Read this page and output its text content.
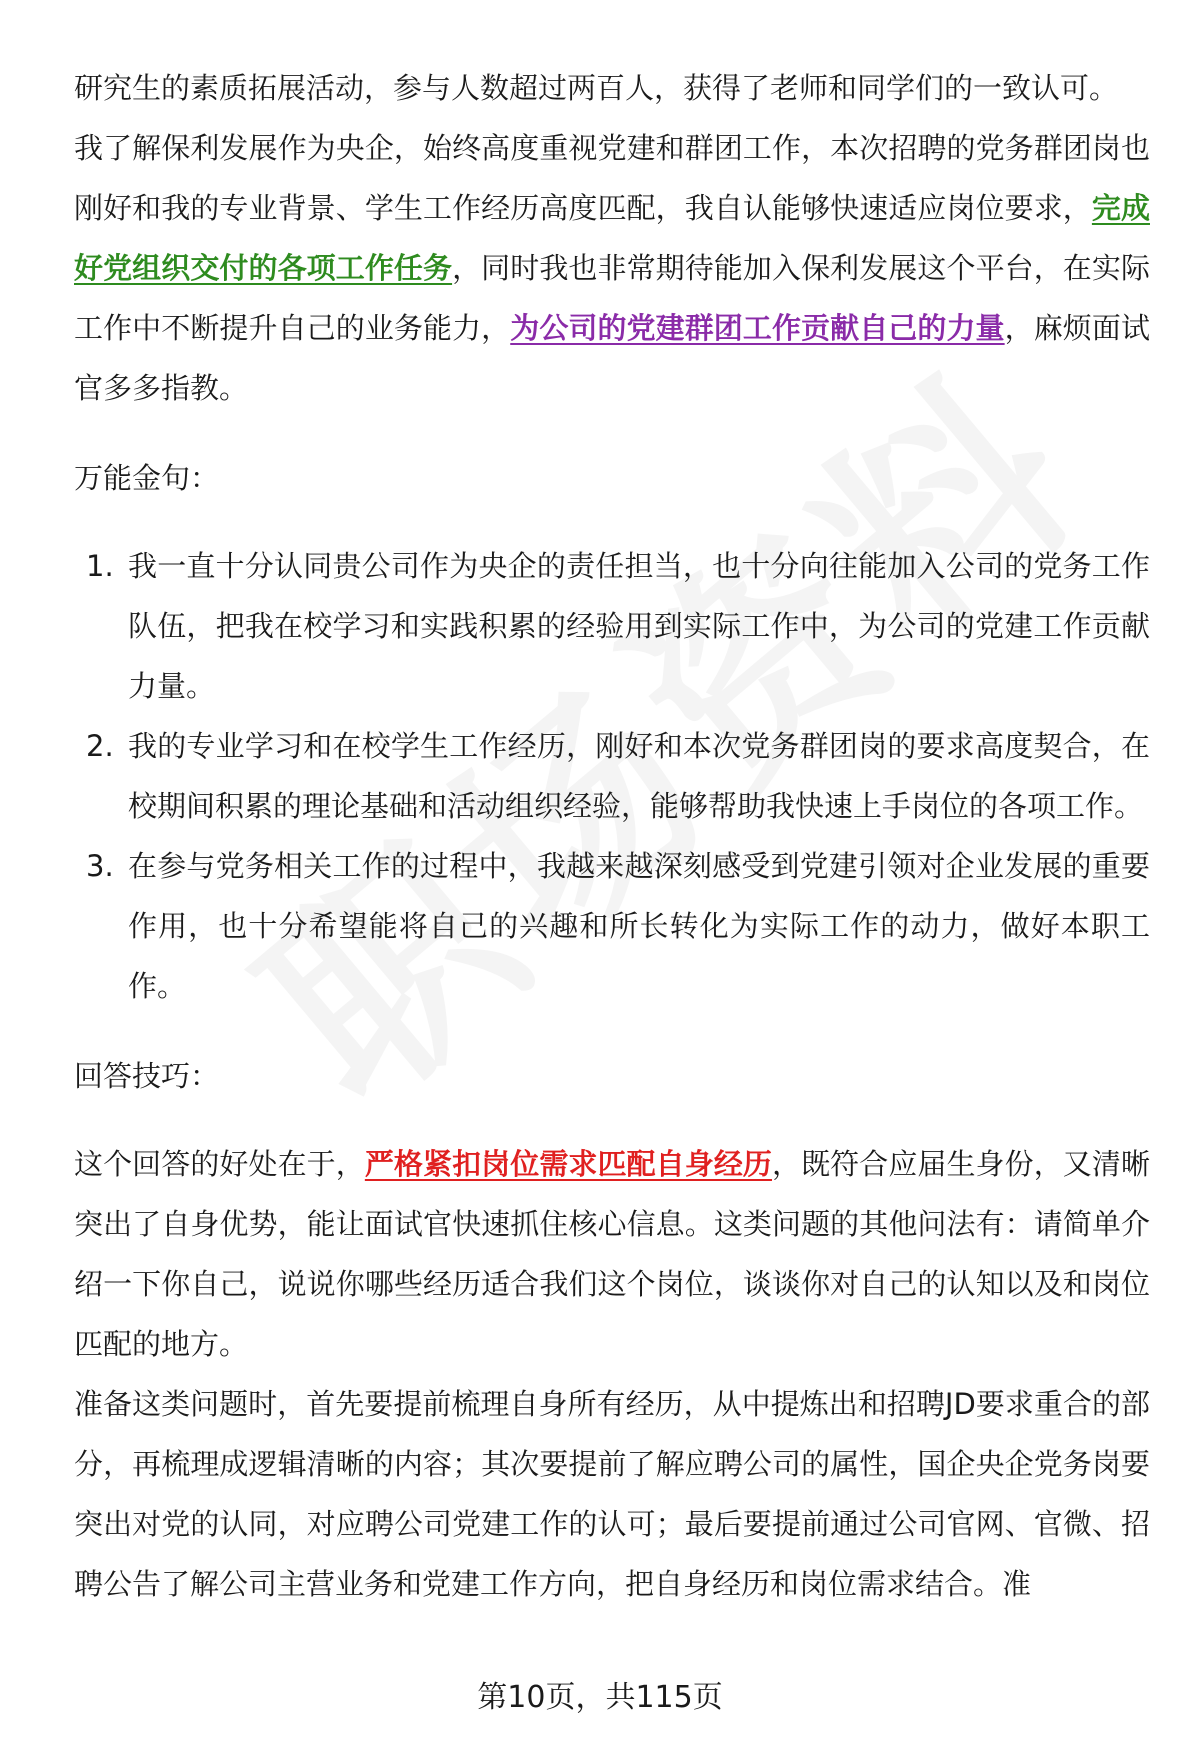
研究生的素质拓展活动，参与人数超过两百人，获得了老师和同学们的一致认可。

我了解保利发展作为央企，始终高度重视党建和群团工作，本次招聘的党务群团岗也刚好和我的专业背景、学生工作经历高度匹配，我自认能够快速适应岗位要求，完成好党组织交付的各项工作任务，同时我也非常期待能加入保利发展这个平台，在实际工作中不断提升自己的业务能力，为公司的党建群团工作贡献自己的力量，麻烦面试官多多指教。

万能金句：

1. 我一直十分认同贵公司作为央企的责任担当，也十分向往能加入公司的党务工作队伍，把我在校学习和实践积累的经验用到实际工作中，为公司的党建工作贡献力量。
2. 我的专业学习和在校学生工作经历，刚好和本次党务群团岗的要求高度契合，在校期间积累的理论基础和活动组织经验，能够帮助我快速上手岗位的各项工作。
3. 在参与党务相关工作的过程中，我越来越深刻感受到党建引领对企业发展的重要作用，也十分希望能将自己的兴趣和所长转化为实际工作的动力，做好本职工作。

回答技巧：

这个回答的好处在于，严格紧扣岗位需求匹配自身经历，既符合应届生身份，又清晰突出了自身优势，能让面试官快速抓住核心信息。这类问题的其他问法有：请简单介绍一下你自己，说说你哪些经历适合我们这个岗位，谈谈你对自己的认知以及和岗位匹配的地方。

准备这类问题时，首先要提前梳理自身所有经历，从中提炼出和招聘JD要求重合的部分，再梳理成逻辑清晰的内容；其次要提前了解应聘公司的属性，国企央企党务岗要突出对党的认同，对应聘公司党建工作的认可；最后要提前通过公司官网、官微、招聘公告了解公司主营业务和党建工作方向，把自身经历和岗位需求结合。准

第10页，共115页
